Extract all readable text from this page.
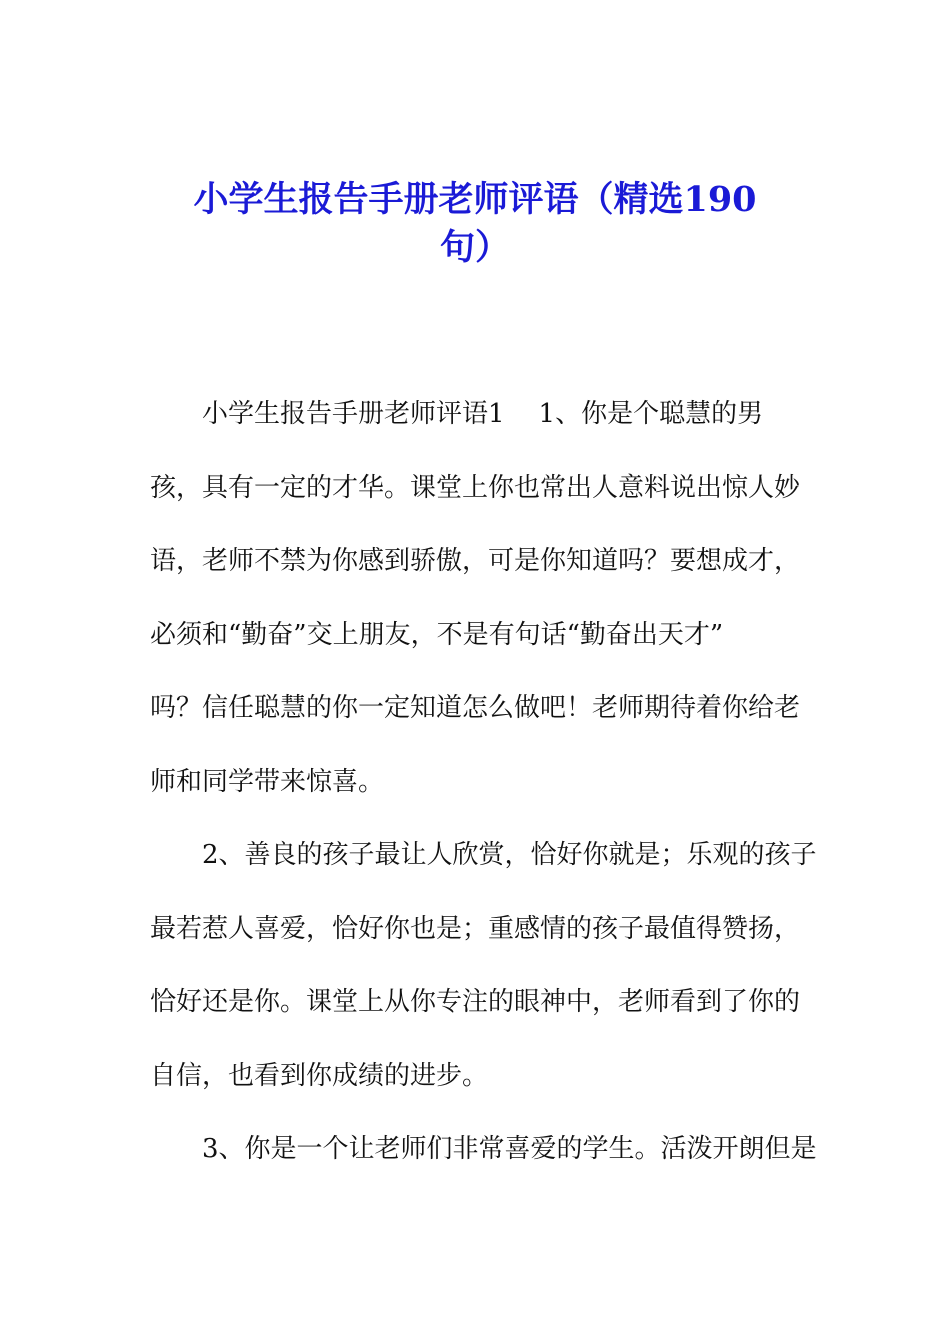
小学生报告手册老师评语（精选190
句）
小学生报告手册老师评语1 1、你是个聪慧的男
孩，具有一定的才华。课堂上你也常出人意料说出惊人妙
语，老师不禁为你感到骄傲，可是你知道吗？要想成才，
必须和“勤奋”交上朋友，不是有句话“勤奋出天才”
吗？信任聪慧的你一定知道怎么做吧！老师期待着你给老
师和同学带来惊喜。
2、善良的孩子最让人欣赏，恰好你就是；乐观的孩子
最若惹人喜爱，恰好你也是；重感情的孩子最值得赞扬，
恰好还是你。课堂上从你专注的眼神中，老师看到了你的
自信，也看到你成绩的进步。
3、你是一个让老师们非常喜爱的学生。活泼开朗但是
